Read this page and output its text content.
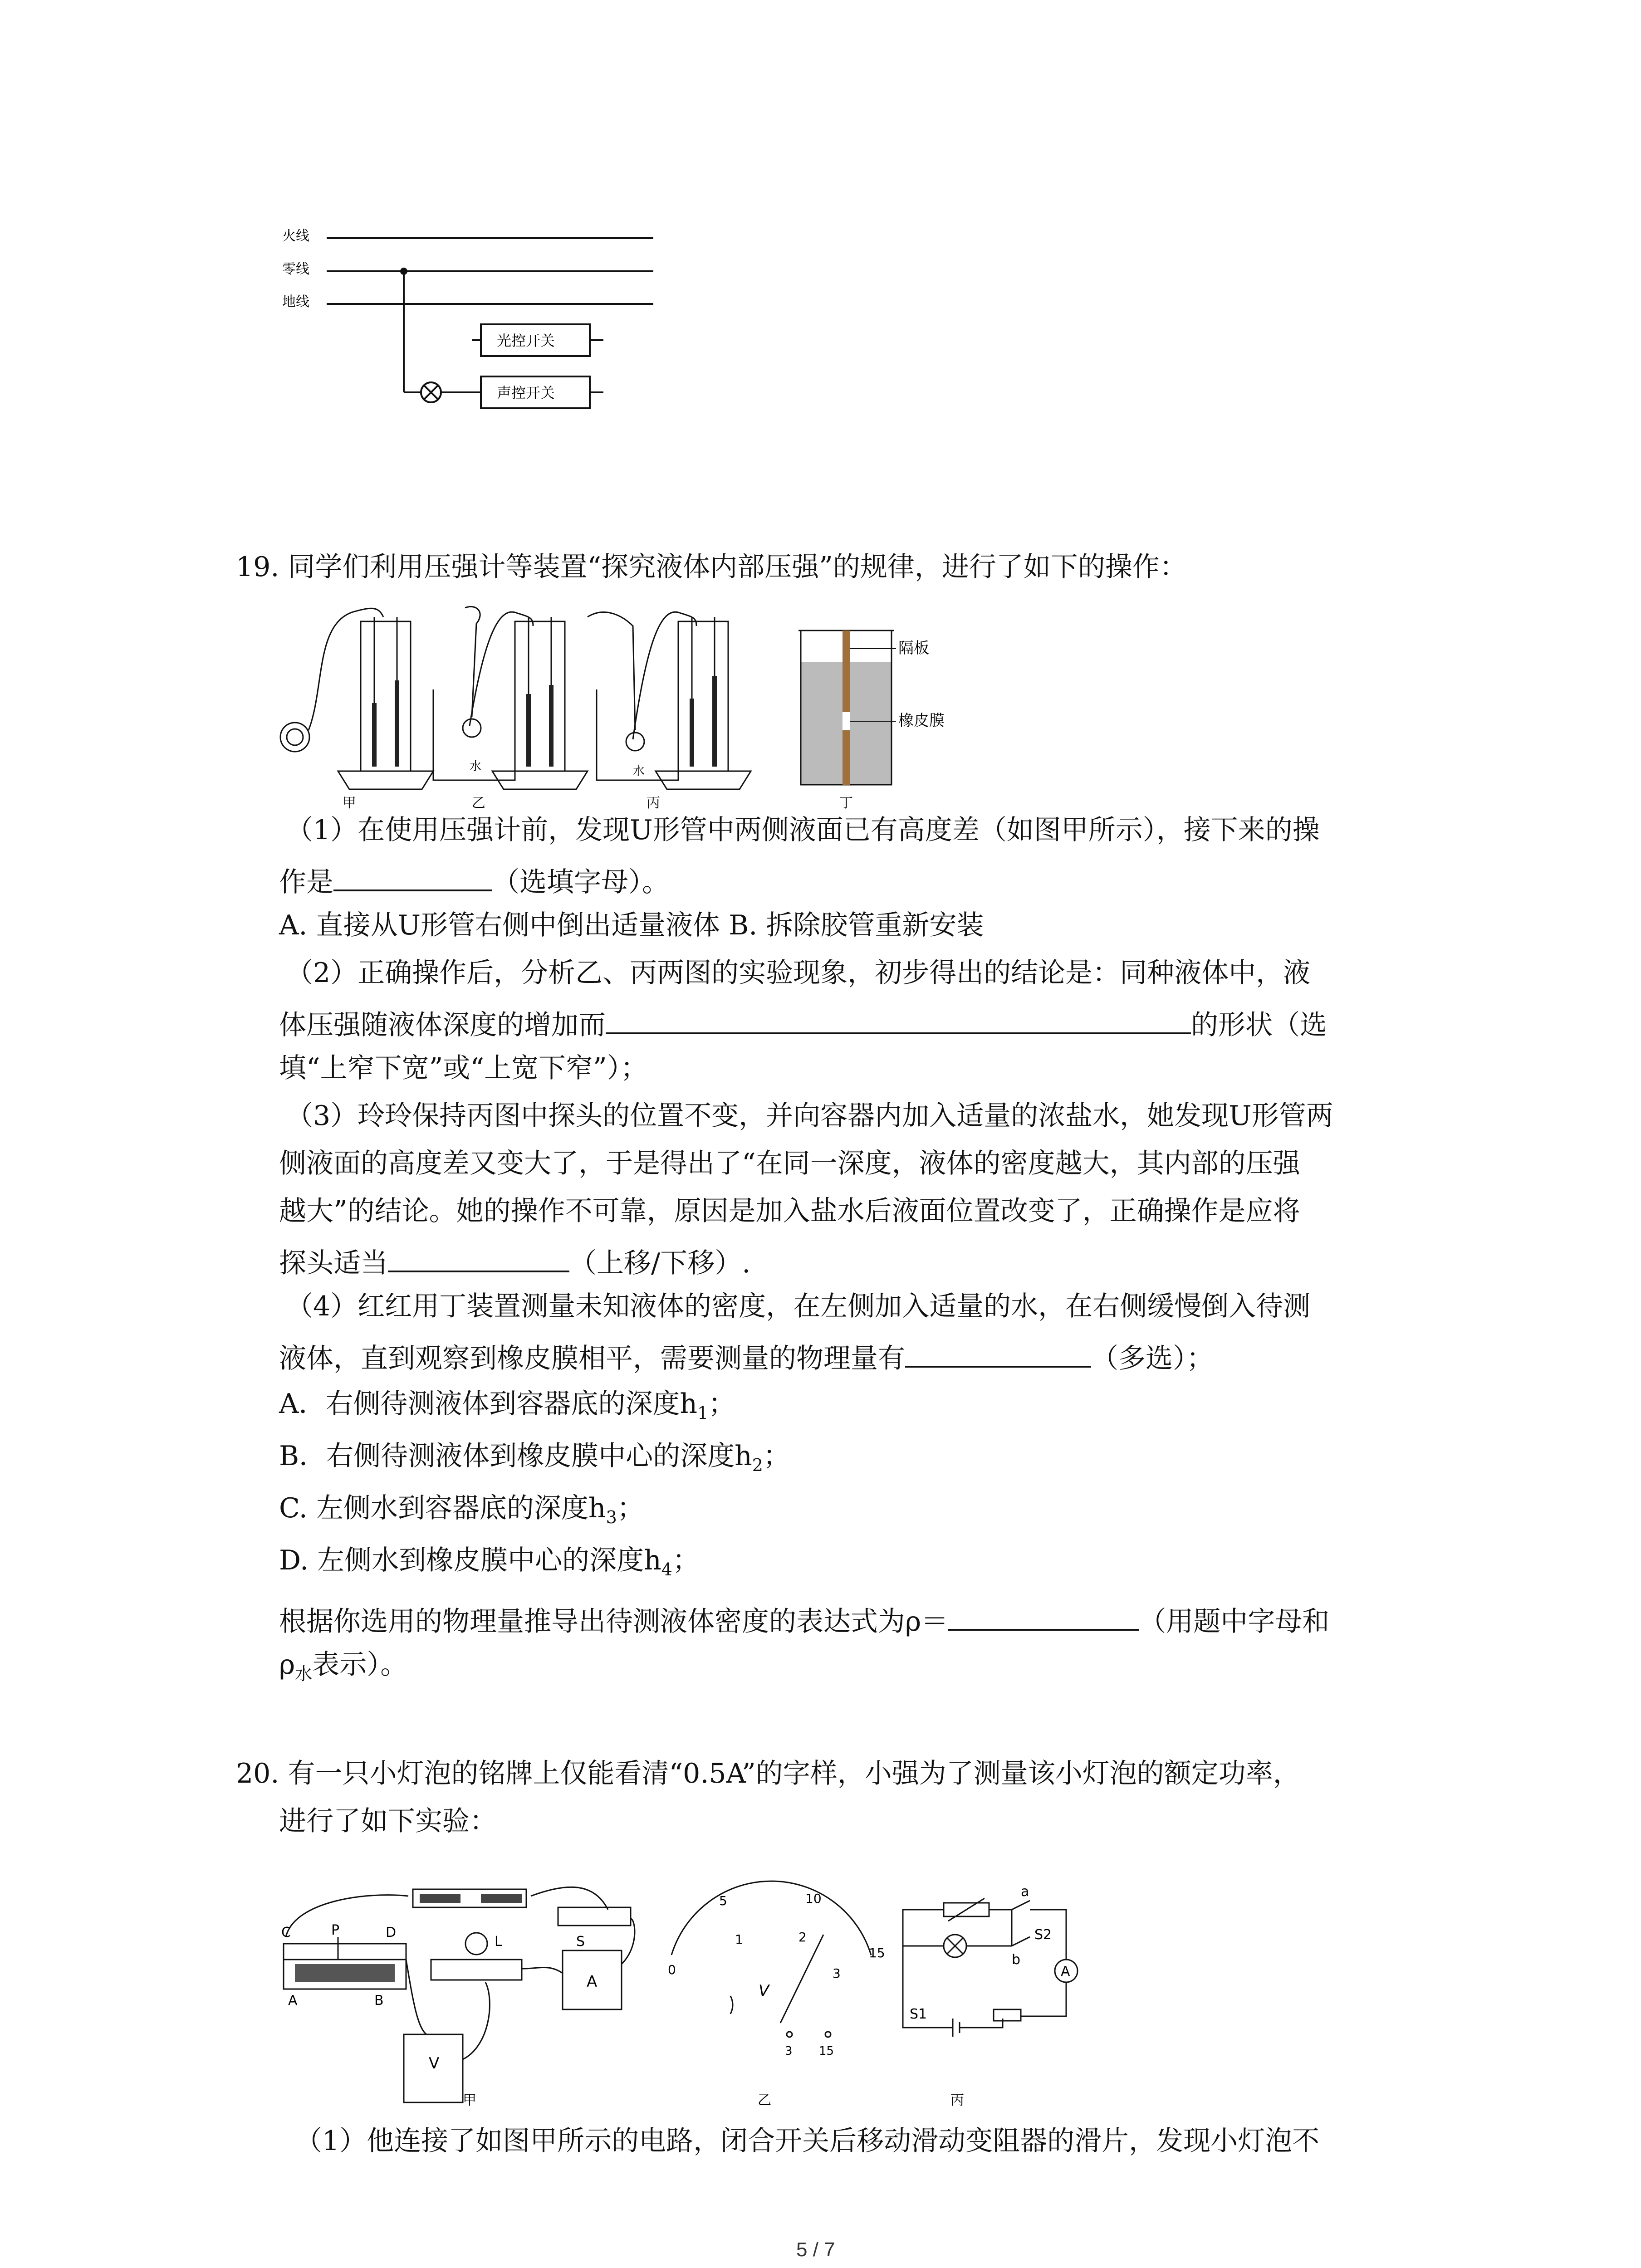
火线
零线
地线
光控开关
声控开关
19. 同学们利用压强计等装置“探究液体内部压强”的规律，进行了如下的操作：
水	水
隔板
橡皮膜
甲	乙	丙	丁
（1）在使用压强计前，发现U形管中两侧液面已有高度差（如图甲所示），接下来的操
作是	（选填字母）。
A. 直接从U形管右侧中倒出适量液体 B. 拆除胶管重新安装
（2）正确操作后，分析乙、丙两图的实验现象，初步得出的结论是：同种液体中，液
体压强随液体深度的增加而	的形状（选
填“上窄下宽”或“上宽下窄”）；
（3）玲玲保持丙图中探头的位置不变，并向容器内加入适量的浓盐水，她发现U形管两
侧液面的高度差又变大了，于是得出了“在同一深度，液体的密度越大，其内部的压强
越大”的结论。她的操作不可靠，原因是加入盐水后液面位置改变了，正确操作是应将
探头适当	（上移/下移）.
（4）红红用丁装置测量未知液体的密度，在左侧加入适量的水，在右侧缓慢倒入待测
液体，直到观察到橡皮膜相平，需要测量的物理量有	（多选）；
A．右侧待测液体到容器底的深度$h_1$；
B．右侧待测液体到橡皮膜中心的深度$h_2$；
C. 左侧水到容器底的深度$h_3$；
D. 左侧水到橡皮膜中心的深度$h_4$；
根据你选用的物理量推导出待测液体密度的表达式为ρ＝	（用题中字母和
$\rho_水$表示）。
20. 有一只小灯泡的铭牌上仅能看清“0.5A”的字样，小强为了测量该小灯泡的额定功率，
进行了如下实验：
C	P	D
A	B
L	S
V
A
甲
0
5	10
15
1	2
3
V
3 15
乙
a
b
S2
S1
A
丙
（1）他连接了如图甲所示的电路，闭合开关后移动滑动变阻器的滑片，发现小灯泡不
5 / 7
